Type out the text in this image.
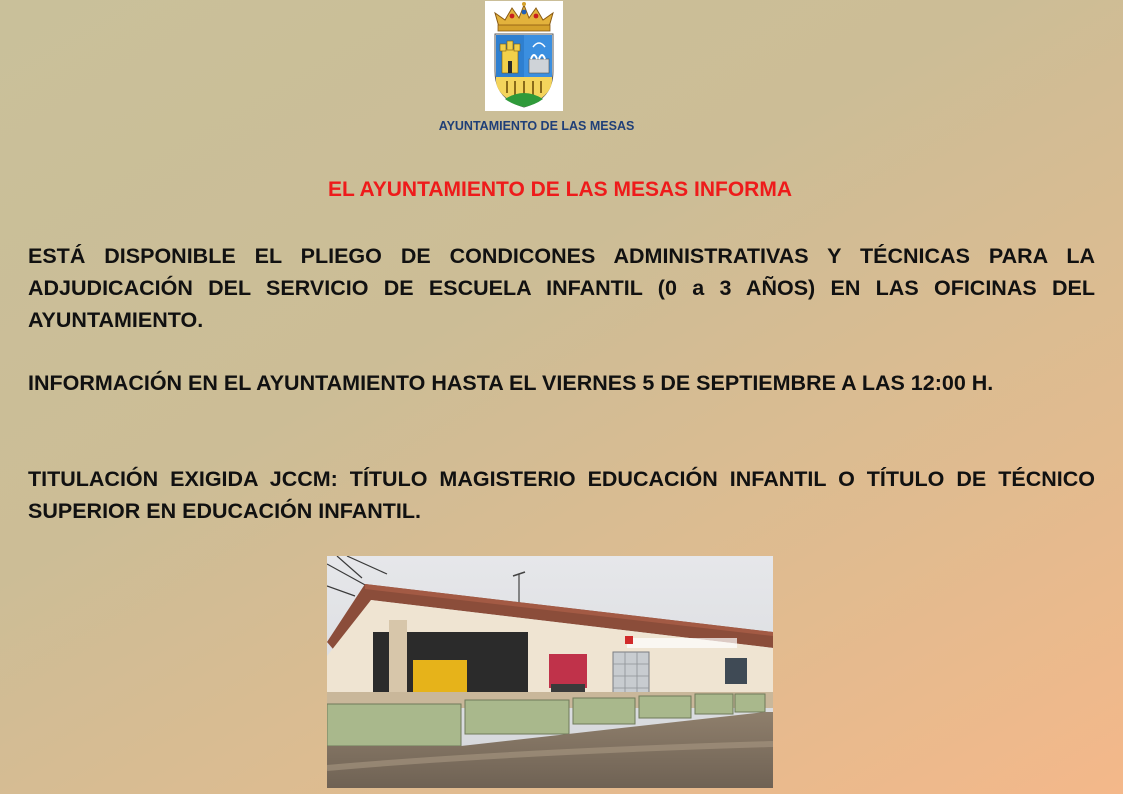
AYUNTAMIENTO DE LAS MESAS
EL AYUNTAMIENTO DE LAS MESAS INFORMA

ESTÁ DISPONIBLE EL PLIEGO DE CONDICONES ADMINISTRATIVAS Y TÉCNICAS PARA LA ADJUDICACIÓN DEL SERVICIO DE ESCUELA INFANTIL (0 a 3 AÑOS) EN LAS OFICINAS DEL AYUNTAMIENTO.

INFORMACIÓN EN EL AYUNTAMIENTO HASTA EL VIERNES 5 DE SEPTIEMBRE A LAS 12:00 H.

TITULACIÓN EXIGIDA JCCM: TÍTULO MAGISTERIO EDUCACIÓN INFANTIL O TÍTULO DE TÉCNICO SUPERIOR EN EDUCACIÓN INFANTIL.
